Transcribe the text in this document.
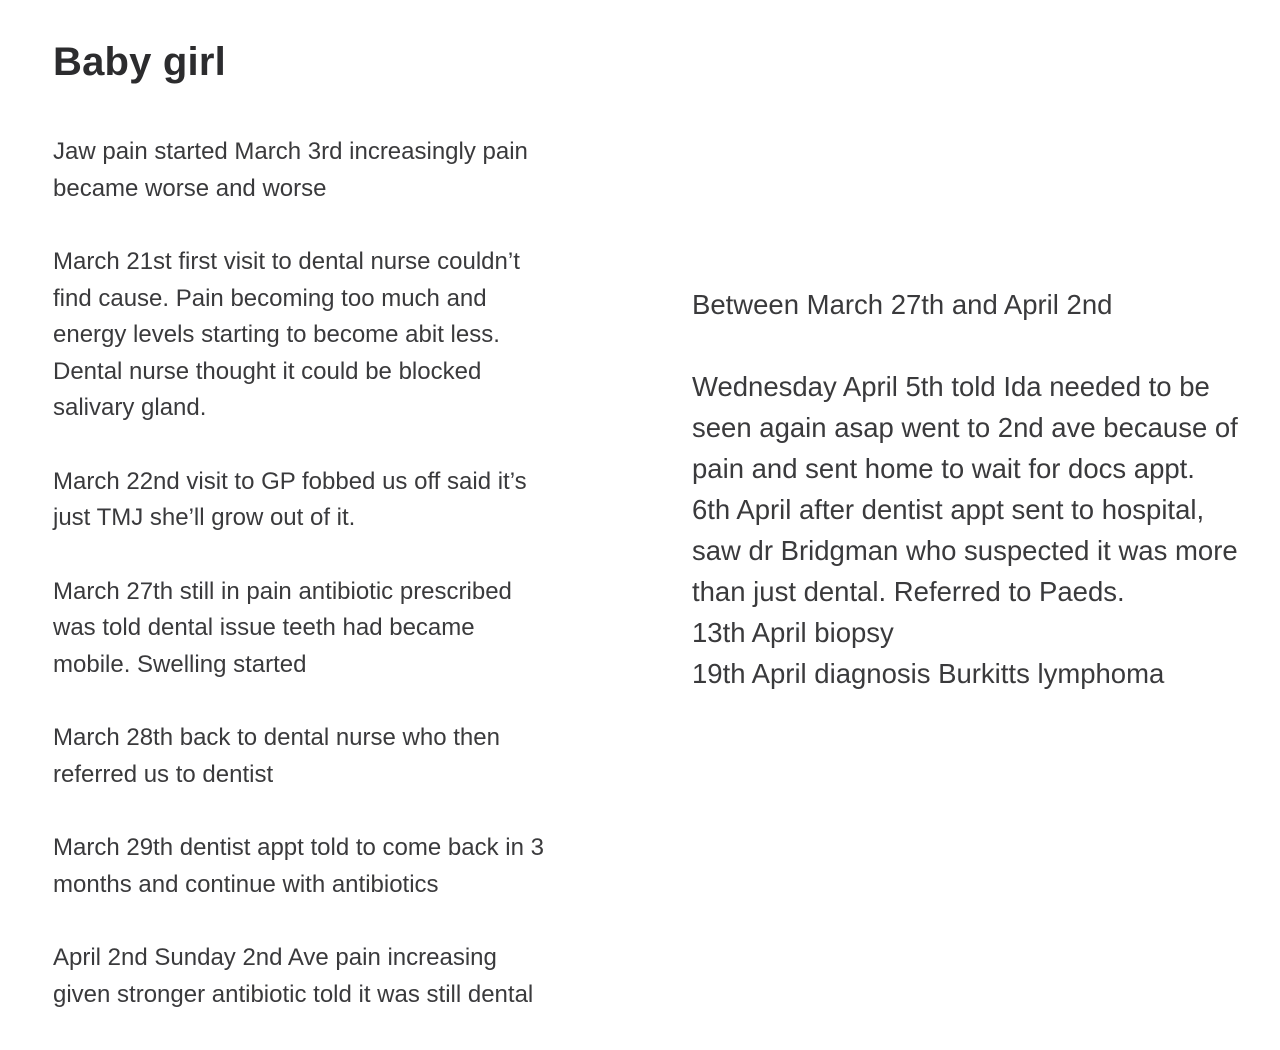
Baby girl

Jaw pain started March 3rd increasingly pain
became worse and worse

March 21st first visit to dental nurse couldn’t
find cause. Pain becoming too much and
energy levels starting to become abit less.
Dental nurse thought it could be blocked
salivary gland.

March 22nd visit to GP fobbed us off said it’s
just TMJ she’ll grow out of it.

March 27th still in pain antibiotic prescribed
was told dental issue teeth had became
mobile. Swelling started

March 28th back to dental nurse who then
referred us to dentist

March 29th dentist appt told to come back in 3
months and continue with antibiotics

April 2nd Sunday 2nd Ave pain increasing
given stronger antibiotic told it was still dental

Between March 27th and April 2nd

Wednesday April 5th told Ida needed to be

seen again asap went to 2nd ave because of

pain and sent home to wait for docs appt.

6th April after dentist appt sent to hospital,

saw dr Bridgman who suspected it was more

than just dental. Referred to Paeds.

13th April biopsy

19th April diagnosis Burkitts lymphoma
